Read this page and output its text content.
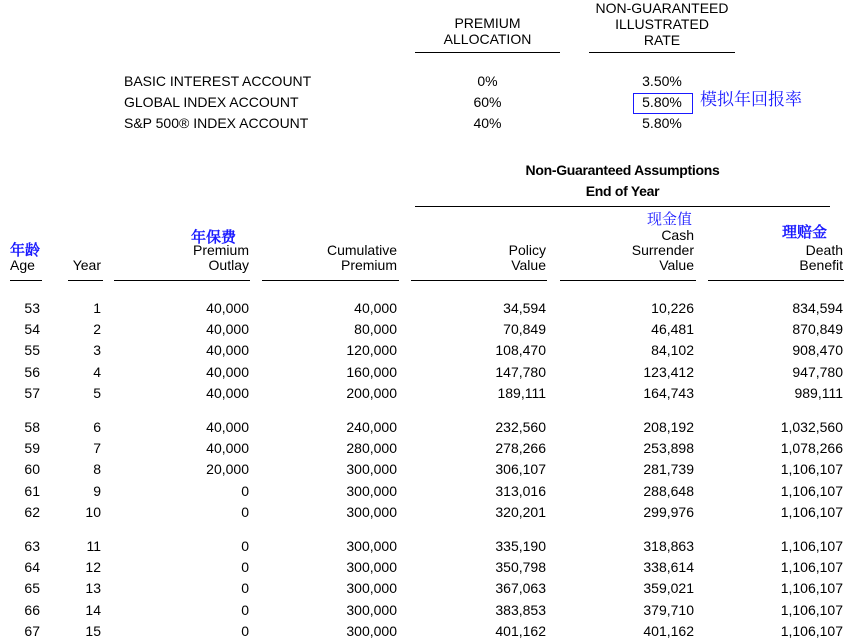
PREMIUM
ALLOCATION
NON-GUARANTEED
ILLUSTRATED
RATE
BASIC INTEREST ACCOUNT	0%	3.50%
GLOBAL INDEX ACCOUNT	60%	5.80%
S&P 500® INDEX ACCOUNT	40%	5.80%
模拟年回报率
Non-Guaranteed Assumptions
End of Year
年龄
Age	Year
年保费
Premium
Outlay
Cumulative
Premium
Policy
Value
现金值
Cash
Surrender
Value
理赔金
Death
Benefit
53	1	40,000	40,000	34,594	10,226	834,594
54	2	40,000	80,000	70,849	46,481	870,849
55	3	40,000	120,000	108,470	84,102	908,470
56	4	40,000	160,000	147,780	123,412	947,780
57	5	40,000	200,000	189,111	164,743	989,111
58	6	40,000	240,000	232,560	208,192	1,032,560
59	7	40,000	280,000	278,266	253,898	1,078,266
60	8	20,000	300,000	306,107	281,739	1,106,107
61	9	0	300,000	313,016	288,648	1,106,107
62	10	0	300,000	320,201	299,976	1,106,107
63	11	0	300,000	335,190	318,863	1,106,107
64	12	0	300,000	350,798	338,614	1,106,107
65	13	0	300,000	367,063	359,021	1,106,107
66	14	0	300,000	383,853	379,710	1,106,107
67	15	0	300,000	401,162	401,162	1,106,107
